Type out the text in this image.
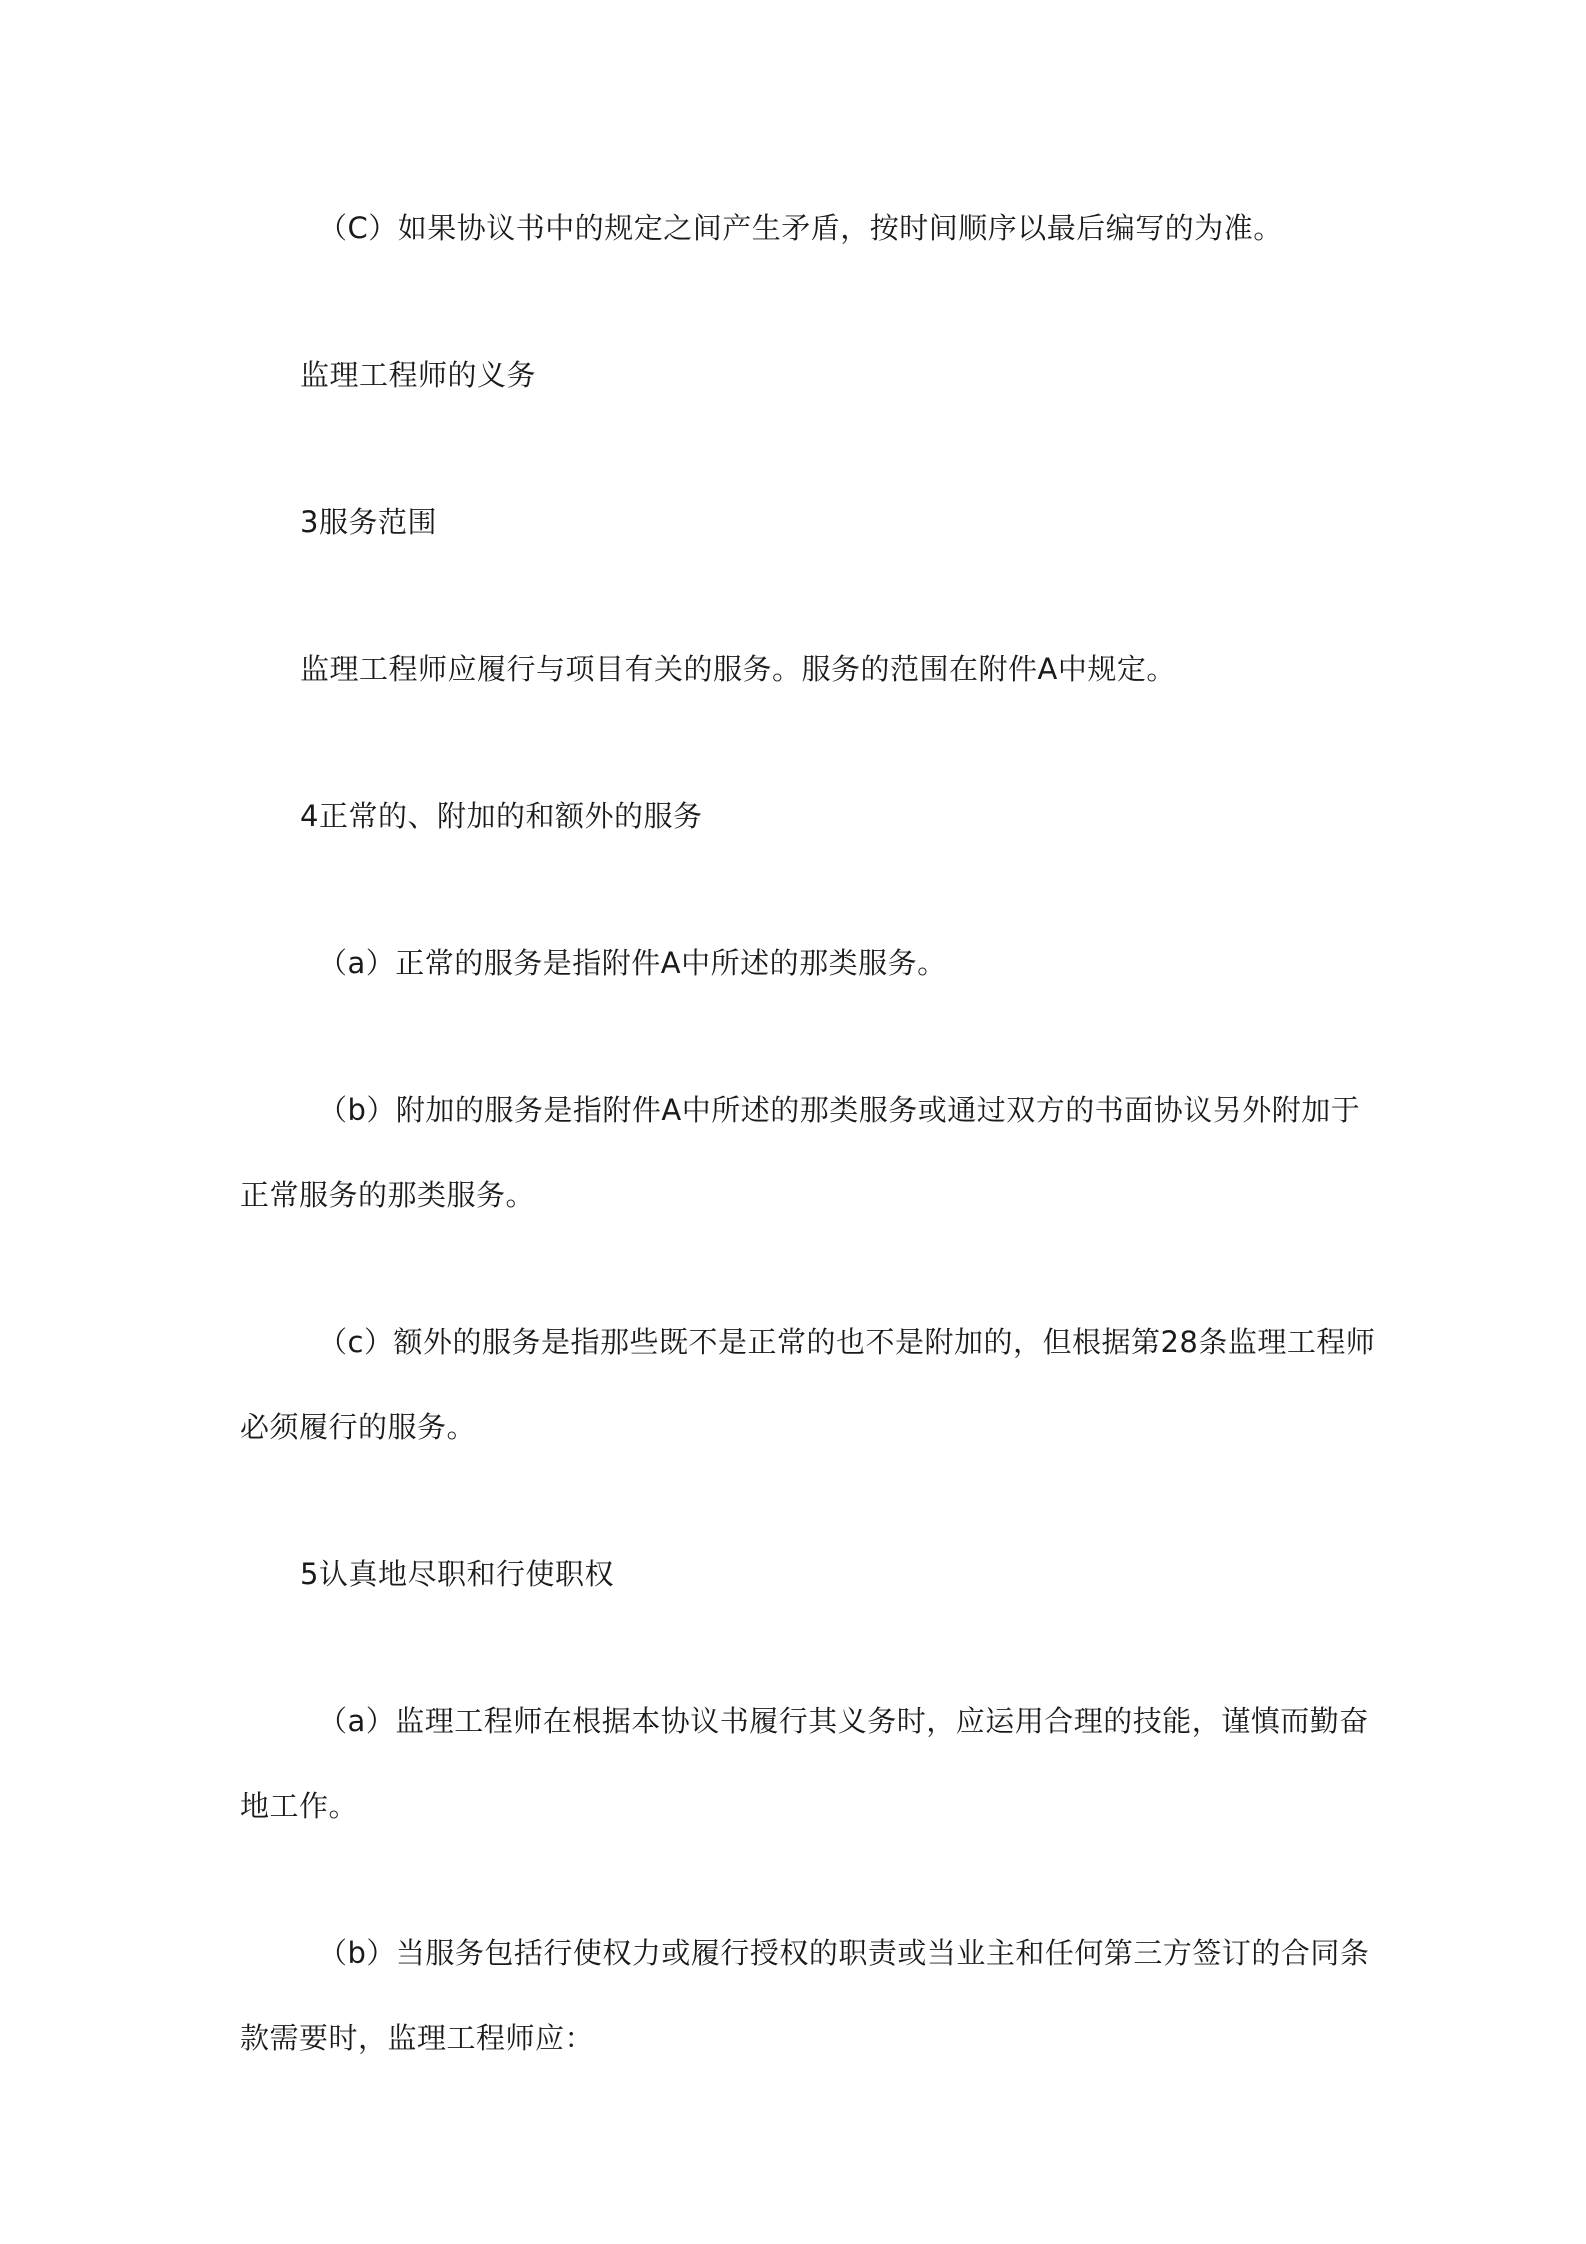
（C）如果协议书中的规定之间产生矛盾，按时间顺序以最后编写的为准。
监理工程师的义务
3服务范围
监理工程师应履行与项目有关的服务。服务的范围在附件A中规定。
4正常的、附加的和额外的服务
（a）正常的服务是指附件A中所述的那类服务。
（b）附加的服务是指附件A中所述的那类服务或通过双方的书面协议另外附加于
正常服务的那类服务。
（c）额外的服务是指那些既不是正常的也不是附加的，但根据第28条监理工程师
必须履行的服务。
5认真地尽职和行使职权
（a）监理工程师在根据本协议书履行其义务时，应运用合理的技能，谨慎而勤奋
地工作。
（b）当服务包括行使权力或履行授权的职责或当业主和任何第三方签订的合同条
款需要时，监理工程师应：
